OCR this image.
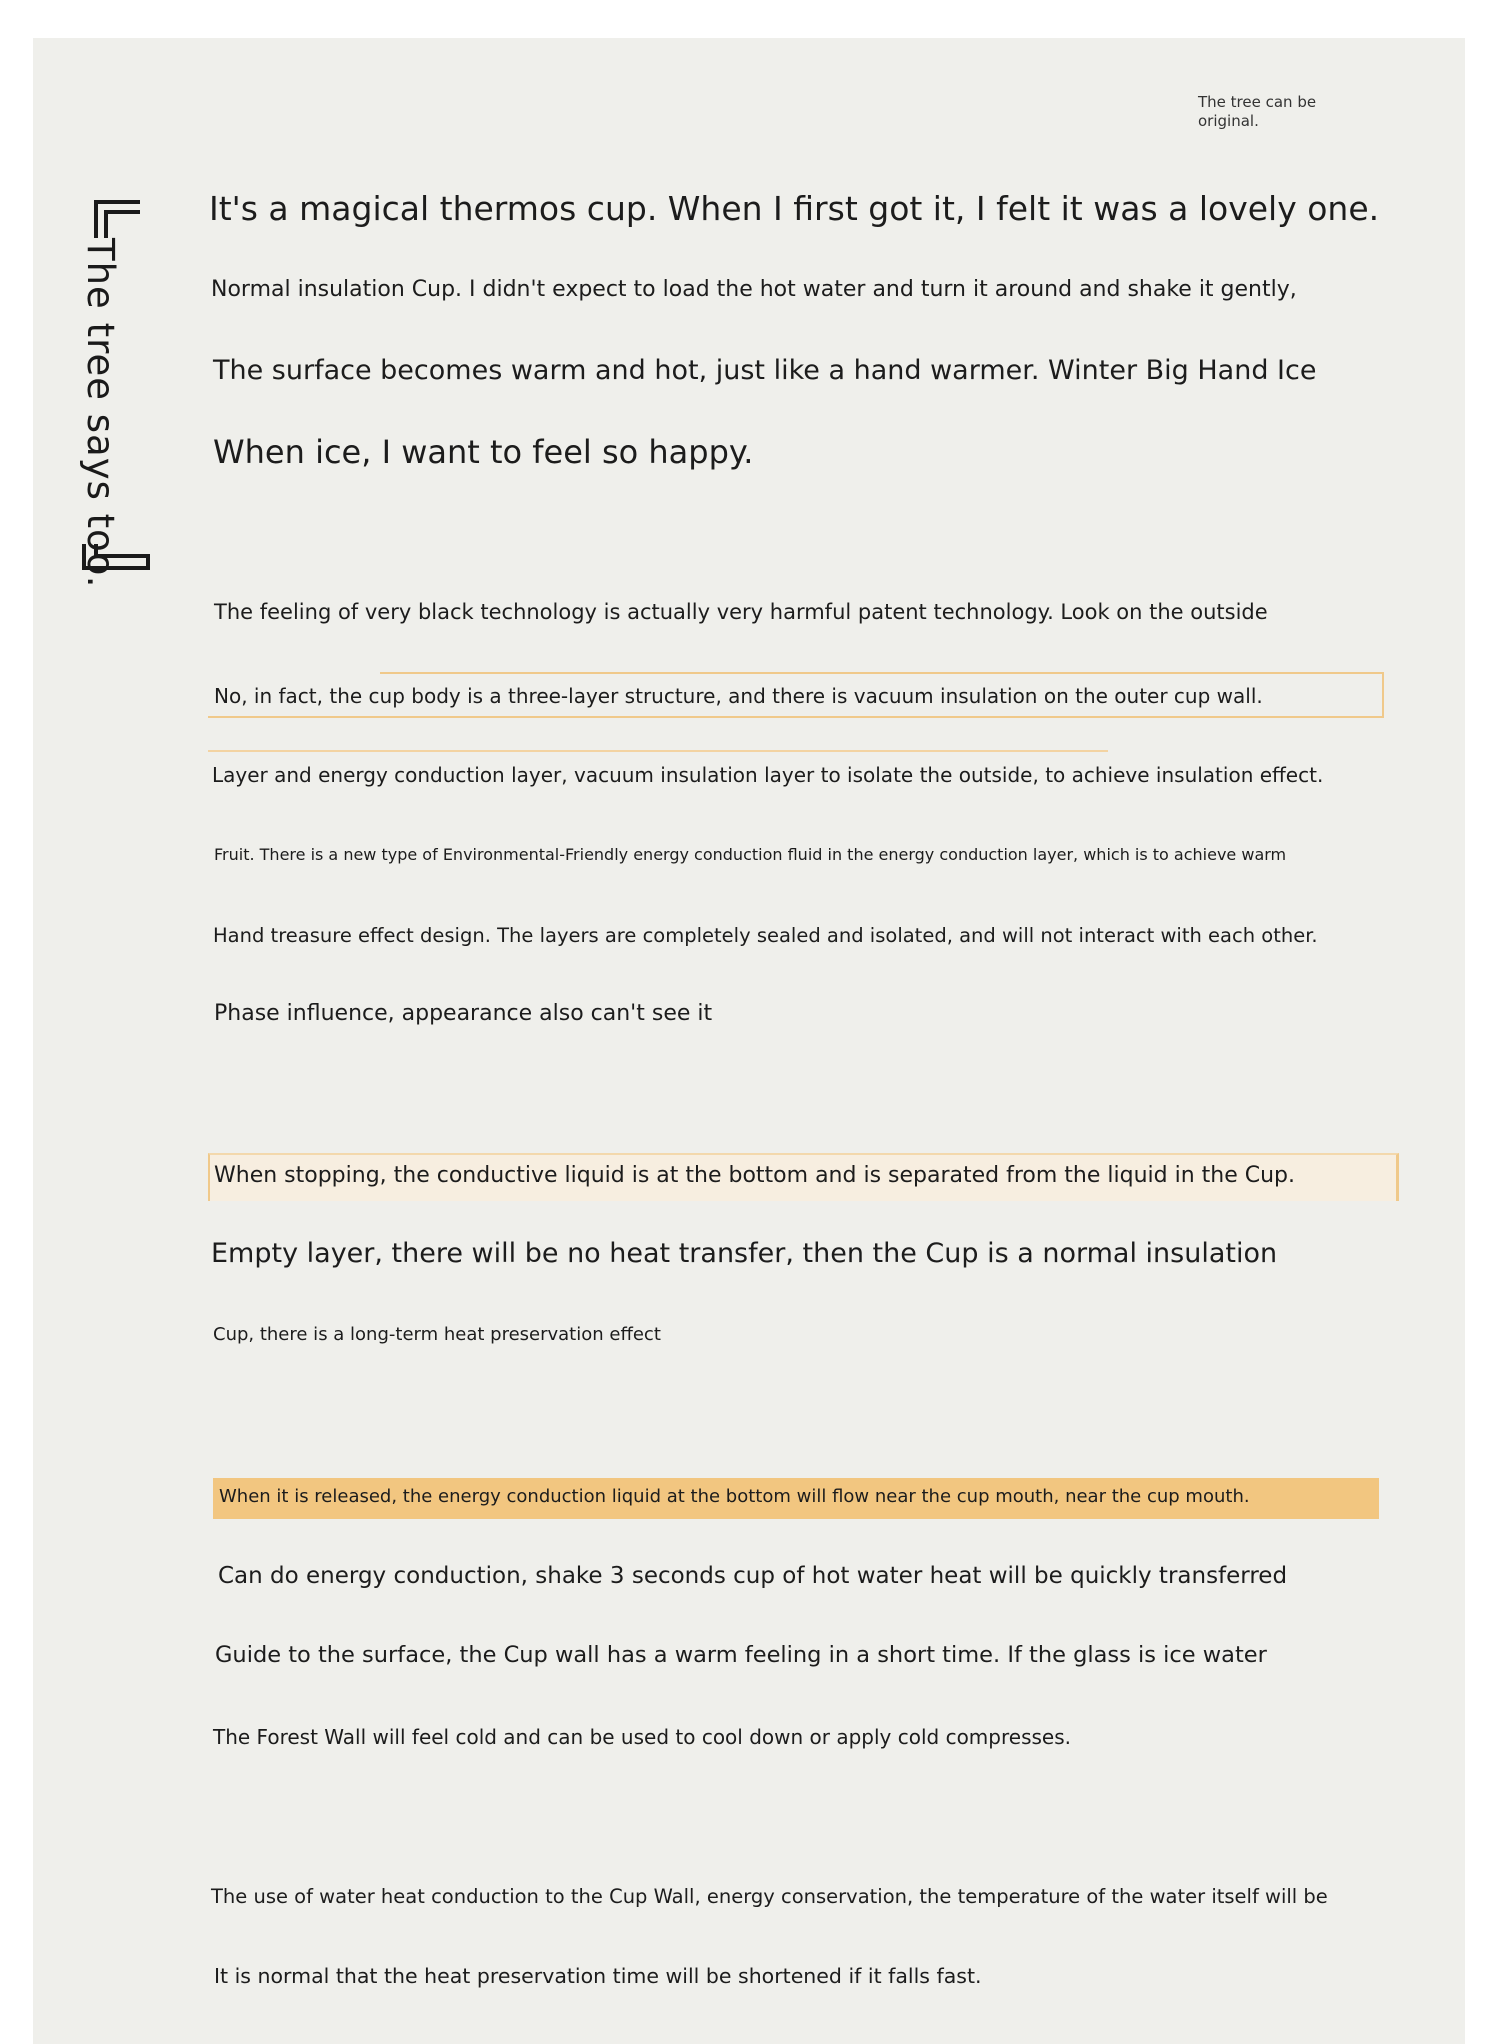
The tree can be original.
The tree says too.
It's a magical thermos cup. When I first got it, I felt it was a lovely one.
Normal insulation Cup. I didn't expect to load the hot water and turn it around and shake it gently,
The surface becomes warm and hot, just like a hand warmer. Winter Big Hand Ice
When ice, I want to feel so happy.
The feeling of very black technology is actually very harmful patent technology. Look on the outside
No, in fact, the cup body is a three-layer structure, and there is vacuum insulation on the outer cup wall.
Layer and energy conduction layer, vacuum insulation layer to isolate the outside, to achieve insulation effect.
Fruit. There is a new type of Environmental-Friendly energy conduction fluid in the energy conduction layer, which is to achieve warm
Hand treasure effect design. The layers are completely sealed and isolated, and will not interact with each other.
Phase influence, appearance also can't see it
When stopping, the conductive liquid is at the bottom and is separated from the liquid in the Cup.
Empty layer, there will be no heat transfer, then the Cup is a normal insulation
Cup, there is a long-term heat preservation effect
When it is released, the energy conduction liquid at the bottom will flow near the cup mouth, near the cup mouth.
Can do energy conduction, shake 3 seconds cup of hot water heat will be quickly transferred
Guide to the surface, the Cup wall has a warm feeling in a short time. If the glass is ice water
The Forest Wall will feel cold and can be used to cool down or apply cold compresses.
The use of water heat conduction to the Cup Wall, energy conservation, the temperature of the water itself will be
It is normal that the heat preservation time will be shortened if it falls fast.
